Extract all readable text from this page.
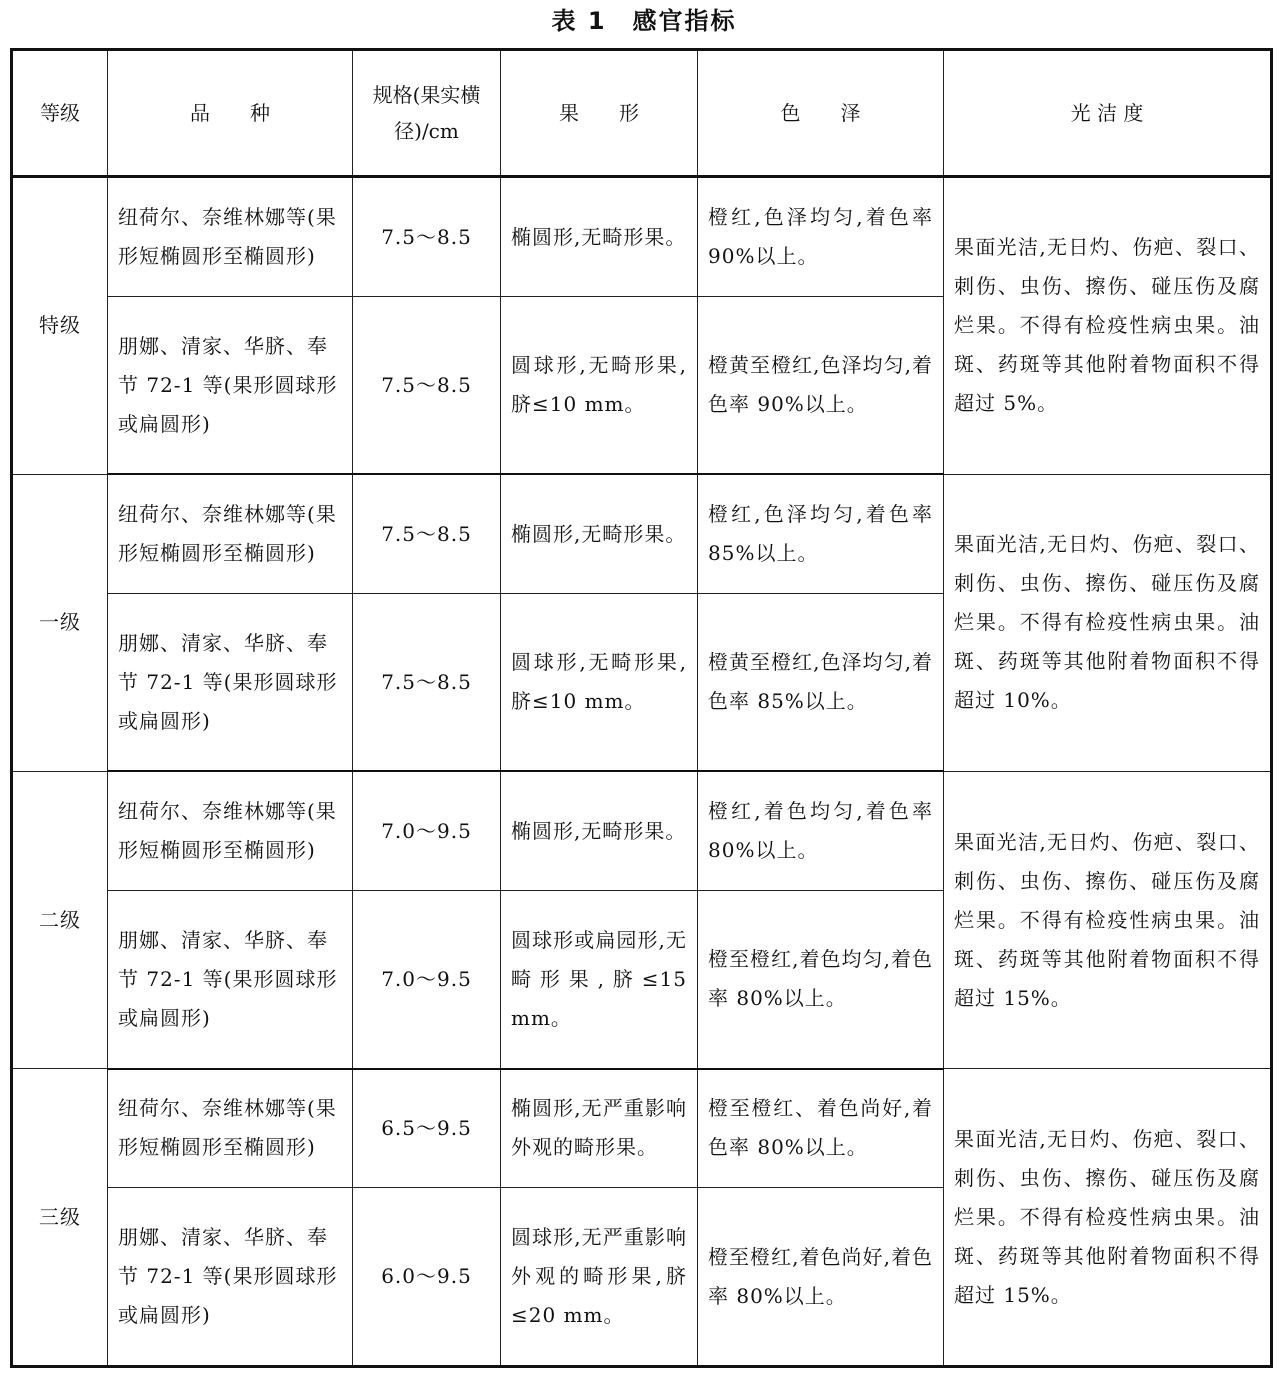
表 1　感官指标
等级	品　　种	规格(果实横径)/cm	果　　形	色　　泽	光 洁 度
特级	纽荷尔、奈维林娜等(果形短椭圆形至椭圆形)	7.5～8.5	椭圆形,无畸形果。	橙红,色泽均匀,着色率 90%以上。	果面光洁,无日灼、伤疤、裂口、刺伤、虫伤、擦伤、碰压伤及腐烂果。不得有检疫性病虫果。油斑、药斑等其他附着物面积不得超过 5%。
	朋娜、清家、华脐、奉节 72-1 等(果形圆球形或扁圆形)	7.5～8.5	圆球形,无畸形果,脐≤10 mm。	橙黄至橙红,色泽均匀,着色率 90%以上。	
一级	纽荷尔、奈维林娜等(果形短椭圆形至椭圆形)	7.5～8.5	椭圆形,无畸形果。	橙红,色泽均匀,着色率 85%以上。	果面光洁,无日灼、伤疤、裂口、刺伤、虫伤、擦伤、碰压伤及腐烂果。不得有检疫性病虫果。油斑、药斑等其他附着物面积不得超过 10%。
	朋娜、清家、华脐、奉节 72-1 等(果形圆球形或扁圆形)	7.5～8.5	圆球形,无畸形果,脐≤10 mm。	橙黄至橙红,色泽均匀,着色率 85%以上。	
二级	纽荷尔、奈维林娜等(果形短椭圆形至椭圆形)	7.0～9.5	椭圆形,无畸形果。	橙红,着色均匀,着色率 80%以上。	果面光洁,无日灼、伤疤、裂口、刺伤、虫伤、擦伤、碰压伤及腐烂果。不得有检疫性病虫果。油斑、药斑等其他附着物面积不得超过 15%。
	朋娜、清家、华脐、奉节 72-1 等(果形圆球形或扁圆形)	7.0～9.5	圆球形或扁园形,无畸形果,脐≤15 mm。	橙至橙红,着色均匀,着色率 80%以上。	
三级	纽荷尔、奈维林娜等(果形短椭圆形至椭圆形)	6.5～9.5	椭圆形,无严重影响外观的畸形果。	橙至橙红、着色尚好,着色率 80%以上。	果面光洁,无日灼、伤疤、裂口、刺伤、虫伤、擦伤、碰压伤及腐烂果。不得有检疫性病虫果。油斑、药斑等其他附着物面积不得超过 15%。
	朋娜、清家、华脐、奉节 72-1 等(果形圆球形或扁圆形)	6.0～9.5	圆球形,无严重影响外观的畸形果,脐≤20 mm。	橙至橙红,着色尚好,着色率 80%以上。	
